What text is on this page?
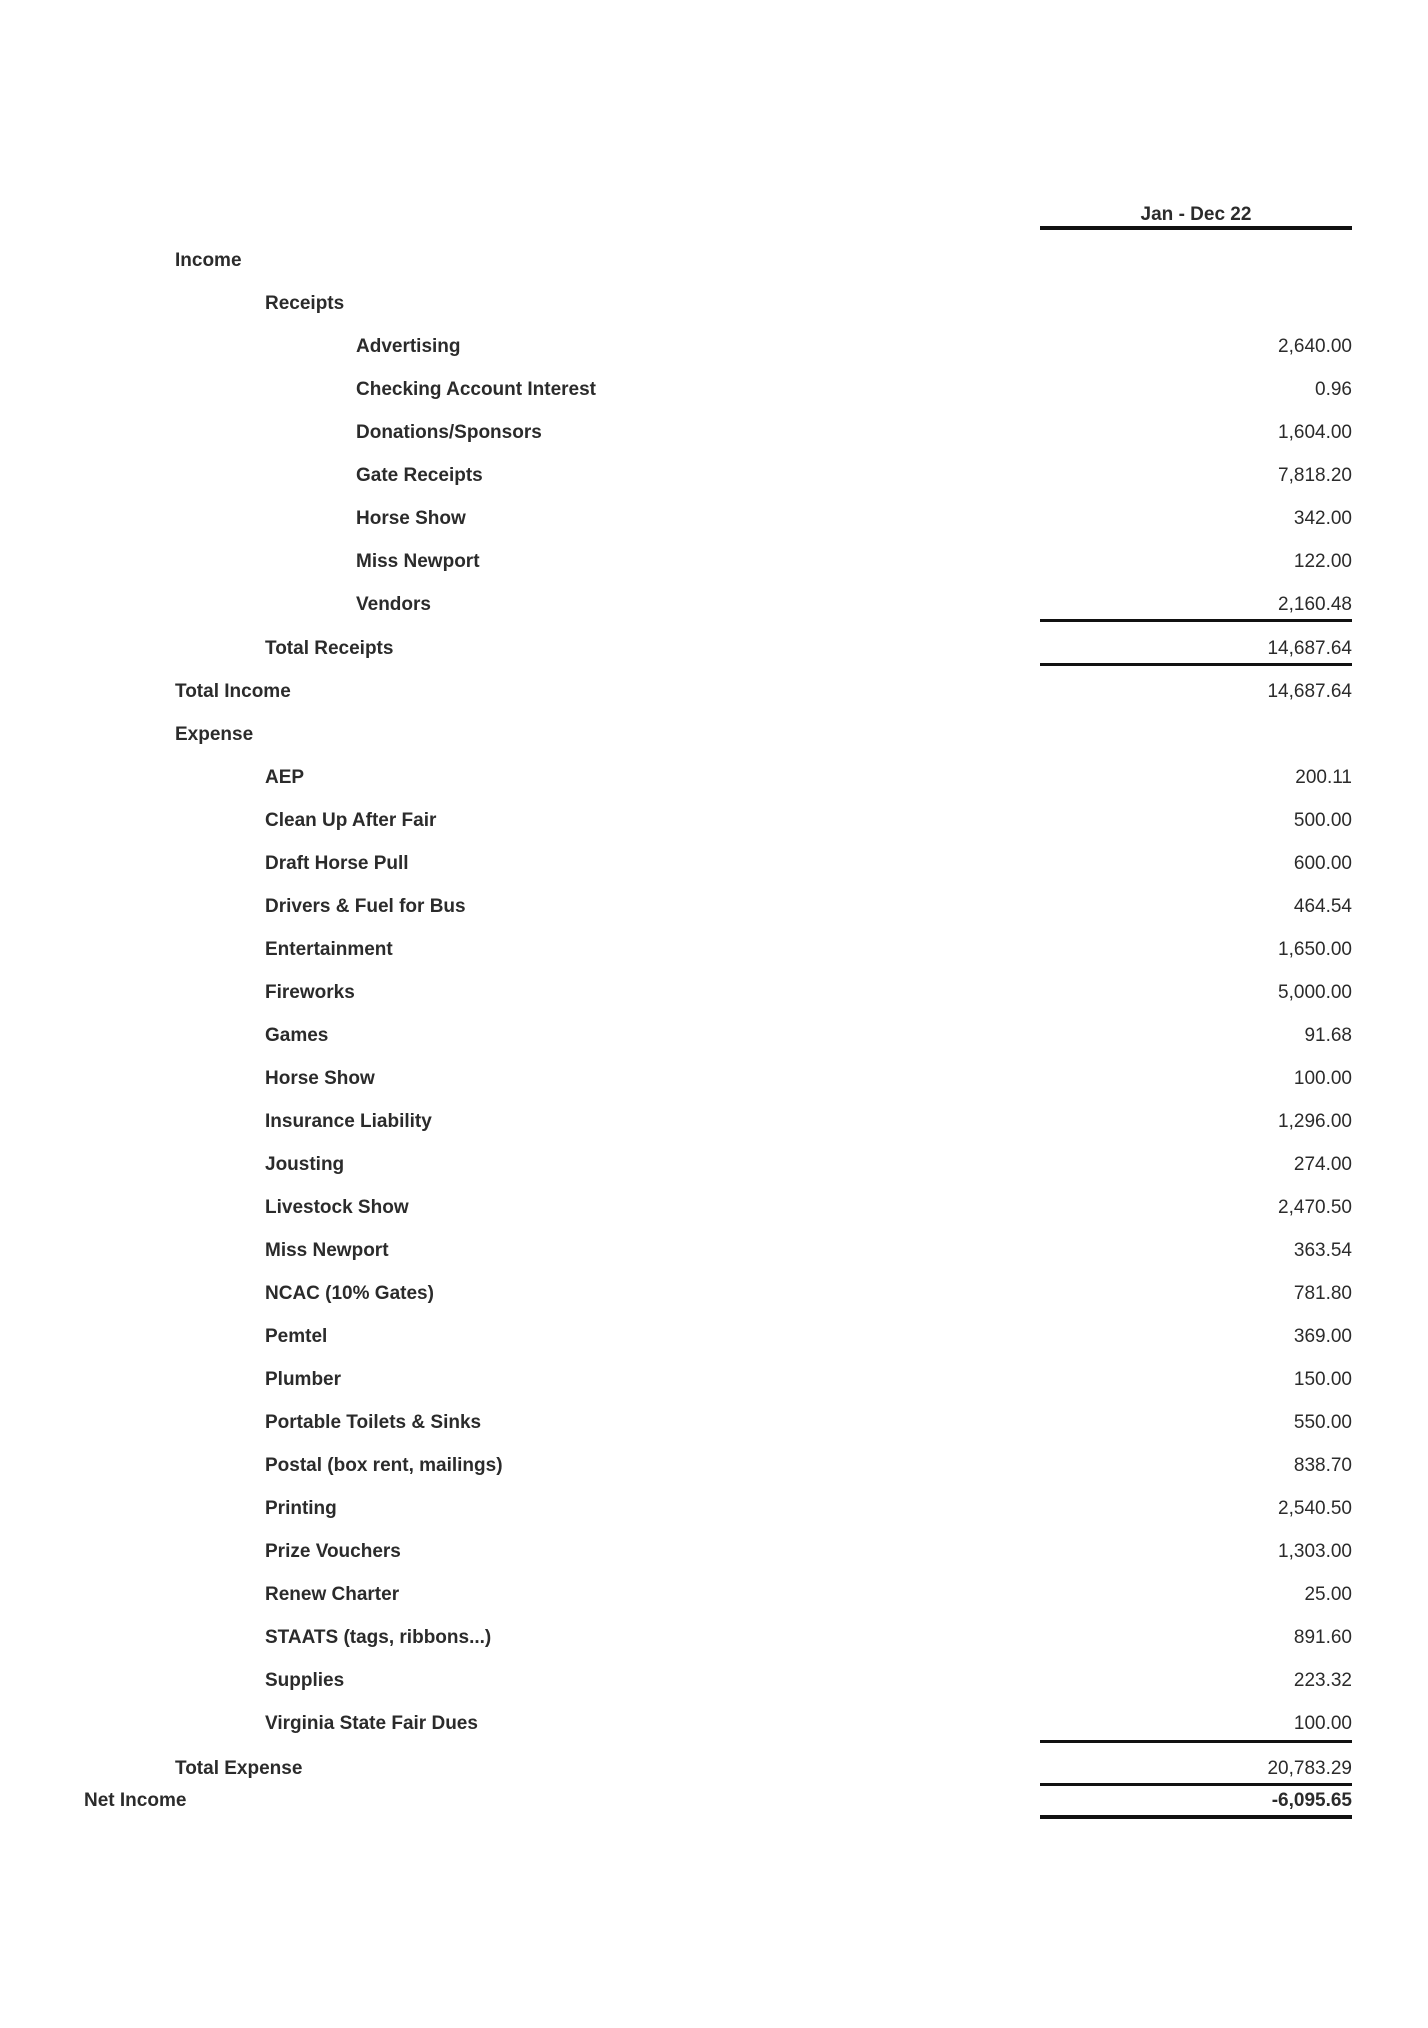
Jan - Dec 22
Income
Receipts
Advertising	2,640.00
Checking Account Interest	0.96
Donations/Sponsors	1,604.00
Gate Receipts	7,818.20
Horse Show	342.00
Miss Newport	122.00
Vendors	2,160.48
Total Receipts	14,687.64
Total Income	14,687.64
Expense
AEP	200.11
Clean Up After Fair	500.00
Draft Horse Pull	600.00
Drivers & Fuel for Bus	464.54
Entertainment	1,650.00
Fireworks	5,000.00
Games	91.68
Horse Show	100.00
Insurance Liability	1,296.00
Jousting	274.00
Livestock Show	2,470.50
Miss Newport	363.54
NCAC (10% Gates)	781.80
Pemtel	369.00
Plumber	150.00
Portable Toilets & Sinks	550.00
Postal (box rent, mailings)	838.70
Printing	2,540.50
Prize Vouchers	1,303.00
Renew Charter	25.00
STAATS (tags, ribbons...)	891.60
Supplies	223.32
Virginia State Fair Dues	100.00
Total Expense	20,783.29
Net Income	-6,095.65
